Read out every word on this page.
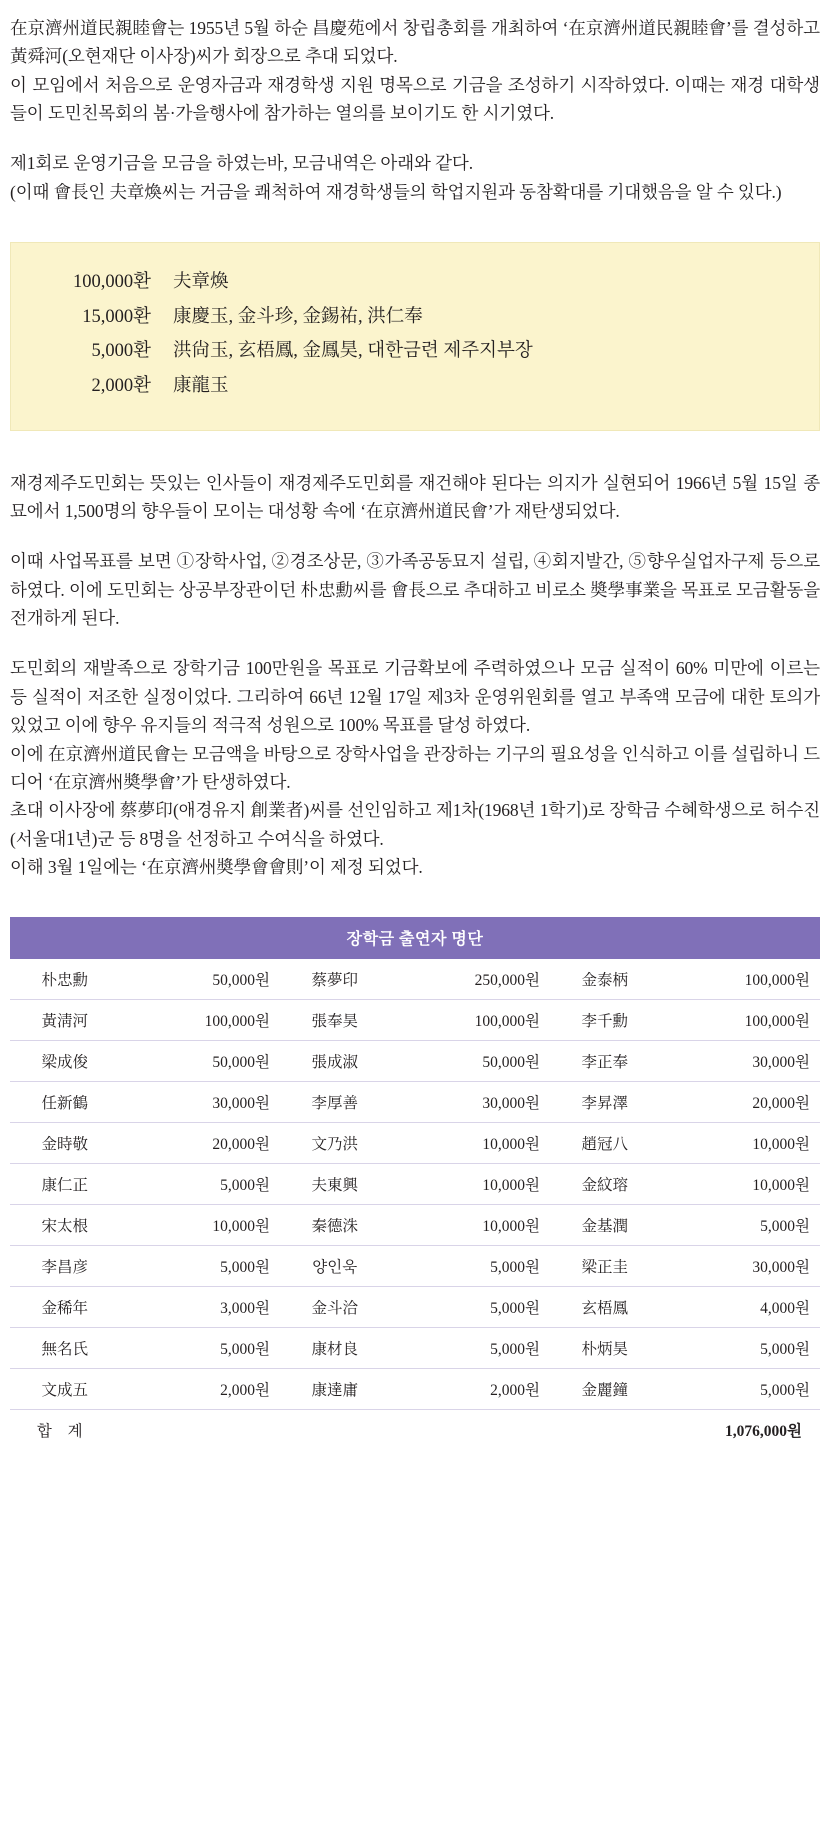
在京濟州道民親睦會는 1955년 5월 하순 昌慶苑에서 창립총회를 개최하여 ‘在京濟州道民親睦會’를 결성하고 黃舜河(오현재단 이사장)씨가 회장으로 추대 되었다.

이 모임에서 처음으로 운영자금과 재경학생 지원 명목으로 기금을 조성하기 시작하였다. 이때는 재경 대학생들이 도민친목회의 봄·가을행사에 참가하는 열의를 보이기도 한 시기였다.

제1회로 운영기금을 모금을 하였는바, 모금내역은 아래와 같다.

(이때 會長인 夫章煥씨는 거금을 쾌척하여 재경학생들의 학업지원과 동참확대를 기대했음을 알 수 있다.)

100,000환	夫章煥
15,000환	康慶玉, 金斗珍, 金錫祐, 洪仁奉
5,000환	洪尙玉, 玄梧鳳, 金鳳昊, 대한금련 제주지부장
2,000환	康龍玉

재경제주도민회는 뜻있는 인사들이 재경제주도민회를 재건해야 된다는 의지가 실현되어 1966년 5월 15일 종묘에서 1,500명의 향우들이 모이는 대성황 속에 ‘在京濟州道民會’가 재탄생되었다.

이때 사업목표를 보면 ①장학사업, ②경조상문, ③가족공동묘지 설립, ④회지발간, ⑤향우실업자구제 등으로 하였다. 이에 도민회는 상공부장관이던 朴忠勳씨를 會長으로 추대하고 비로소 奬學事業을 목표로 모금활동을 전개하게 된다.

도민회의 재발족으로 장학기금 100만원을 목표로 기금확보에 주력하였으나 모금 실적이 60% 미만에 이르는 등 실적이 저조한 실정이었다. 그리하여 66년 12월 17일 제3차 운영위원회를 열고 부족액 모금에 대한 토의가 있었고 이에 향우 유지들의 적극적 성원으로 100% 목표를 달성 하였다.

이에 在京濟州道民會는 모금액을 바탕으로 장학사업을 관장하는 기구의 필요성을 인식하고 이를 설립하니 드디어 ‘在京濟州奬學會’가 탄생하였다.

초대 이사장에 蔡夢印(애경유지 創業者)씨를 선인임하고 제1차(1968년 1학기)로 장학금 수혜학생으로 허수진(서울대1년)군 등 8명을 선정하고 수여식을 하였다.

이해 3월 1일에는 ‘在京濟州奬學會會則’이 제정 되었다.

장학금 출연자 명단
朴忠勳	50,000원	蔡夢印	250,000원	金泰柄	100,000원
黃淸河	100,000원	張奉昊	100,000원	李千勳	100,000원
梁成俊	50,000원	張成淑	50,000원	李正奉	30,000원
任新鶴	30,000원	李厚善	30,000원	李昇澤	20,000원
金時敬	20,000원	文乃洪	10,000원	趙冠八	10,000원
康仁正	5,000원	夫東興	10,000원	金紋瑢	10,000원
宋太根	10,000원	秦德洙	10,000원	金基潤	5,000원
李昌彦	5,000원	양인욱	5,000원	梁正圭	30,000원
金稀年	3,000원	金斗洽	5,000원	玄梧鳳	4,000원
無名氏	5,000원	康材良	5,000원	朴炳昊	5,000원
文成五	2,000원	康達庸	2,000원	金麗鐘	5,000원
합 계					1,076,000원
